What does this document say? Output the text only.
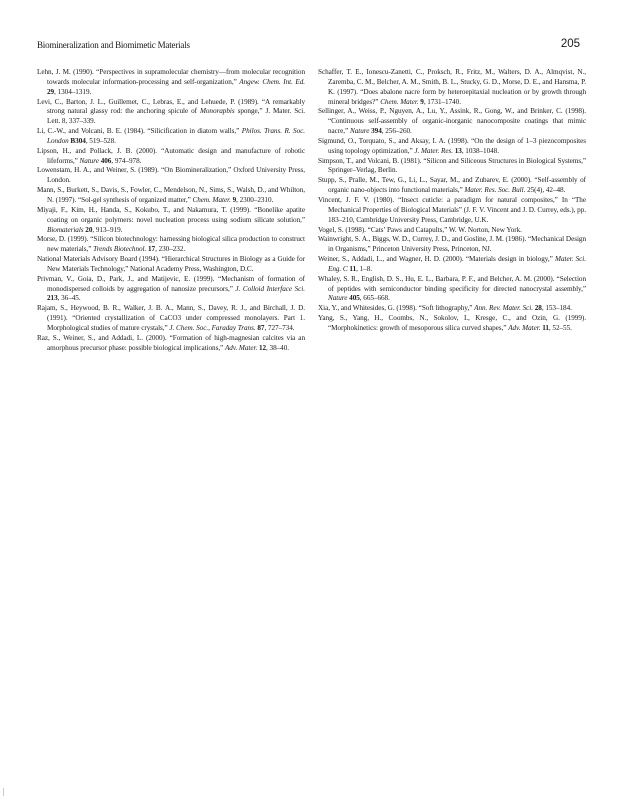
Biomineralization and Biomimetic Materials	205

Lehn, J. M. (1990). “Perspectives in supramolecular chemistry—from molecular recognition towards molecular information-processing and self-organization,” Angew. Chem. Int. Ed. 29, 1304–1319.

Levi, C., Barton, J. L., Guillemet, C., Lebras, E., and Lehuede, P. (1989). “A remarkably strong natural glassy rod: the anchoring spicule of Monorapbis sponge,” J. Mater. Sci. Lett. 8, 337–339.

Li, C.-W., and Volcani, B. E. (1984). “Silicification in diatom walls,” Philos. Trans. R. Soc. London B304, 519–528.

Lipson, H., and Pollack, J. B. (2000). “Automatic design and manufacture of robotic lifeforms,” Nature 406, 974–978.

Lowenstam, H. A., and Weiner, S. (1989). “On Biomineralization,” Oxford University Press, London.

Mann, S., Burkett, S., Davis, S., Fowler, C., Mendelson, N., Sims, S., Walsh, D., and Whilton, N. (1997). “Sol-gel synthesis of organized matter,” Chem. Mater. 9, 2300–2310.

Miyaji, F., Kim, H., Handa, S., Kokubo, T., and Nakamura, T. (1999). “Bonelike apatite coating on organic polymers: novel nucleation process using sodium silicate solution,” Biomaterials 20, 913–919.

Morse, D. (1999). “Silicon biotechnology: harnessing biological silica production to construct new materials,” Trends Biotechnol. 17, 230–232.

National Materials Advisory Board (1994). “Hierarchical Structures in Biology as a Guide for New Materials Technology,” National Academy Press, Washington, D.C.

Privman, V., Goia, D., Park, J., and Matijevic, E. (1999). “Mechanism of formation of monodispersed colloids by aggregation of nanosize precursors,” J. Colloid Interface Sci. 213, 36–45.

Rajam, S., Heywood, B. R., Walker, J. B. A., Mann, S., Davey, R. J., and Birchall, J. D. (1991). “Oriented crystallization of CaCO3 under compressed monolayers. Part 1. Morphological studies of mature crystals,” J. Chem. Soc., Faraday Trans. 87, 727–734.

Raz, S., Weiner, S., and Addadi, L. (2000). “Formation of high-magnesian calcites via an amorphous precursor phase: possible biological implications,” Adv. Mater. 12, 38–40.

Schaffer, T. E., Ionescu-Zanetti, C., Proksch, R., Fritz, M., Walters, D. A., Almqvist, N., Zaremba, C. M., Belcher, A. M., Smith, B. L., Stucky, G. D., Morse, D. E., and Hansma, P. K. (1997). “Does abalone nacre form by heteroepitaxial nucleation or by growth through mineral bridges?” Chem. Mater. 9, 1731–1740.

Sellinger, A., Weiss, P., Nguyen, A., Lu, Y., Assink, R., Gong, W., and Brinker, C. (1998). “Continuous self-assembly of organic-inorganic nanocomposite coatings that mimic nacre,” Nature 394, 256–260.

Sigmund, O., Torquato, S., and Aksay, I. A. (1998). “On the design of 1–3 piezocomposites using topology optimization,” J. Mater. Res. 13, 1038–1048.

Simpson, T., and Volcani, B. (1981). “Silicon and Siliceous Structures in Biological Systems,” Springer–Verlag, Berlin.

Stupp, S., Pralle, M., Tew, G., Li, L., Sayar, M., and Zubarev, E. (2000). “Self-assembly of organic nano-objects into functional materials,” Mater. Res. Soc. Bull. 25(4), 42–48.

Vincent, J. F. V. (1980). “Insect cuticle: a paradigm for natural composites,” In “The Mechanical Properties of Biological Materials” (J. F. V. Vincent and J. D. Currey, eds.), pp. 183–210, Cambridge University Press, Cambridge, U.K.

Vogel, S. (1998). “Cats’ Paws and Catapults,” W. W. Norton, New York.

Wainwright, S. A., Biggs, W. D., Currey, J. D., and Gosline, J. M. (1986). “Mechanical Design in Organisms,” Princeton University Press, Princeton, NJ.

Weiner, S., Addadi, L., and Wagner, H. D. (2000). “Materials design in biology,” Mater. Sci. Eng. C 11, 1–8.

Whaley, S. R., English, D. S., Hu, E. L., Barbara, P. F., and Belcher, A. M. (2000). “Selection of peptides with semiconductor binding specificity for directed nanocrystal assembly,” Nature 405, 665–668.

Xia, Y., and Whitesides, G. (1998). “Soft lithography,” Ann. Rev. Mater. Sci. 28, 153–184.

Yang, S., Yang, H., Coombs, N., Sokolov, I., Kresge, C., and Ozin, G. (1999). “Morphokinetics: growth of mesoporous silica curved shapes,” Adv. Mater. 11, 52–55.
